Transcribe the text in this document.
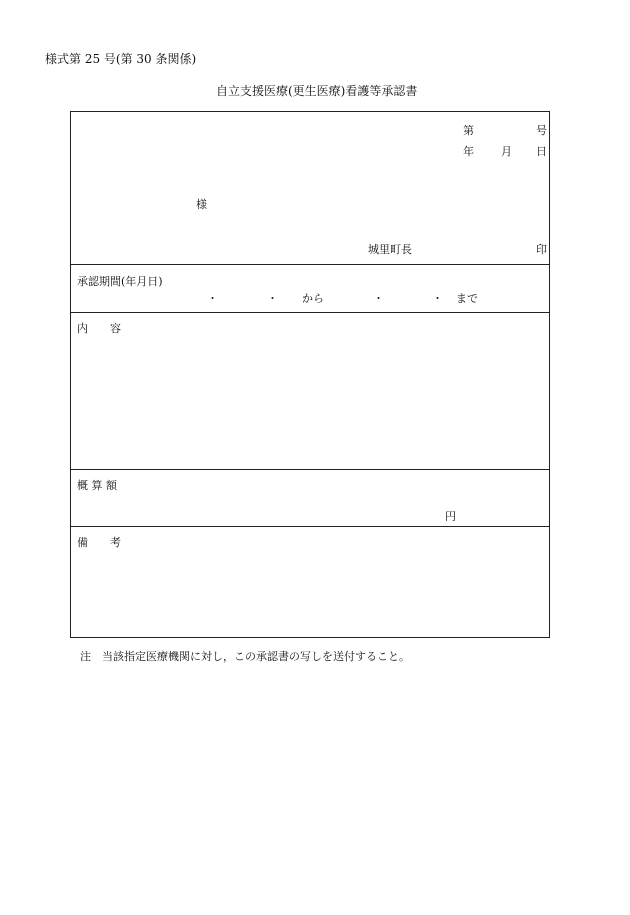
様式第 25 号(第 30 条関係)
自立支援医療(更生医療)看護等承認書
第	号
年 月 日
様
城里町長	印
承認期間(年月日)
・	・ から	・	・ まで
内　　容
概 算 額
円
備　　考
注　当該指定医療機関に対し，この承認書の写しを送付すること。
